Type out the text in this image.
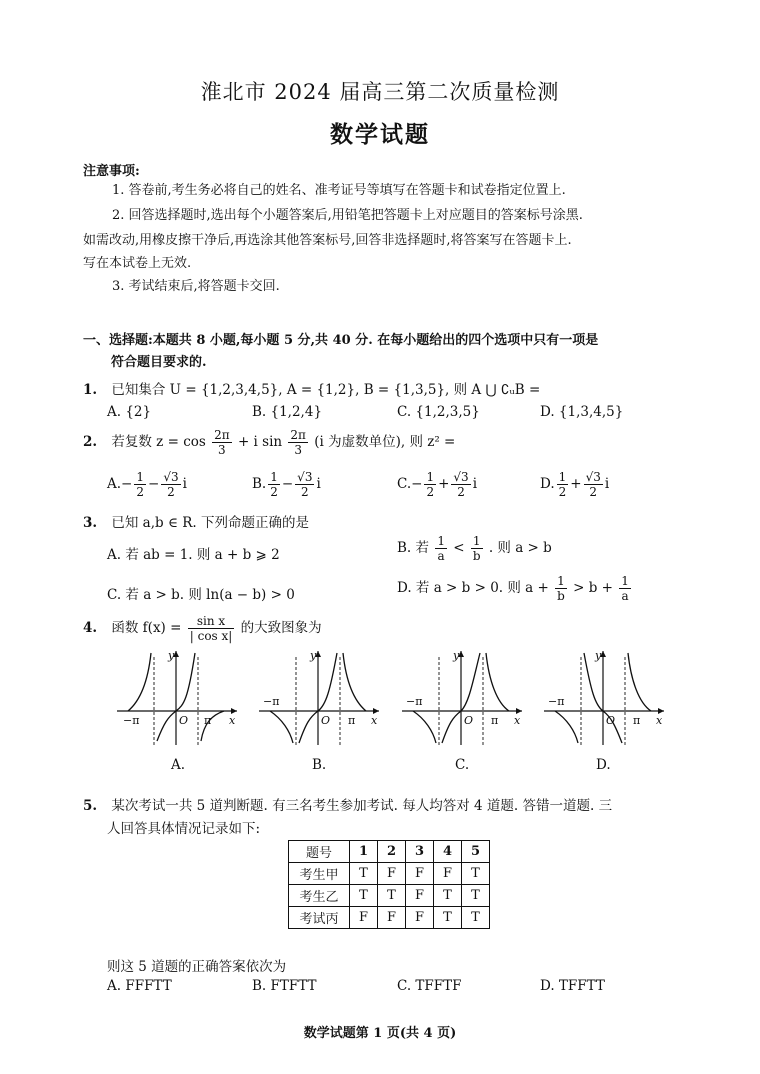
淮北市 2024 届高三第二次质量检测
数学试题
注意事项:
1. 答卷前,考生务必将自己的姓名、准考证号等填写在答题卡和试卷指定位置上.
2. 回答选择题时,选出每个小题答案后,用铅笔把答题卡上对应题目的答案标号涂黑.
如需改动,用橡皮擦干净后,再选涂其他答案标号,回答非选择题时,将答案写在答题卡上.
写在本试卷上无效.
3. 考试结束后,将答题卡交回.
一、选择题:本题共 8 小题,每小题 5 分,共 40 分. 在每小题给出的四个选项中只有一项是
符合题目要求的.
1. 已知集合 U = {1,2,3,4,5}, A = {1,2}, B = {1,3,5}, 则 A ⋃ ∁ᵤB =
A. {2}	B. {1,2,4}	C. {1,2,3,5}	D. {1,3,4,5}
2. 若复数 $z = \cos \frac{2\pi}{3} + i$ $\sin \frac{2\pi}{3} (i$ 为虚数单位), 则 z² =
$A.- \frac{1}{2} - \frac{√3}{2}$ i	B. $\frac{1}{2} - \frac{√3}{2}$ i	$C.- \frac{1}{2} + \frac{√3}{2}$ i	D. $\frac{1}{2} + \frac{√3}{2}$ i
3. 已知 a,b ∈ R. 下列命题正确的是
A. 若 ab = 1. 则 a + b ⩾ 2	B. 若 $\frac{1}{a} < \frac{1}{b}$ . 则 a > b
C. 若 a > b. 则 ln(a − b) > 0	D. 若 a > b > 0. 则 $a + \frac{1}{b} > b + \frac{1}{a}$
4. 函数 $f(x) = \frac{\text{sin x}}{\text{| cos x|}}$ 的大致图象为
y
x
O
−π	π
y
x
O
−π
π
y
x
O
−π
π
y
x
O
−π
π
A.	B.	C.	D.
5. 某次考试一共 5 道判断题. 有三名考生参加考试. 每人均答对 4 道题. 答错一道题. 三
人回答具体情况记录如下:
题号	1	2	3	4	5
考生甲	T	F	F	F	T
考生乙	T	T	F	T	T
考试丙	F	F	F	T	T
则这 5 道题的正确答案依次为
A. FFFTT	B. FTFTT	C. TFFTF	D. TFFTT
数学试题第 1 页(共 4 页)
